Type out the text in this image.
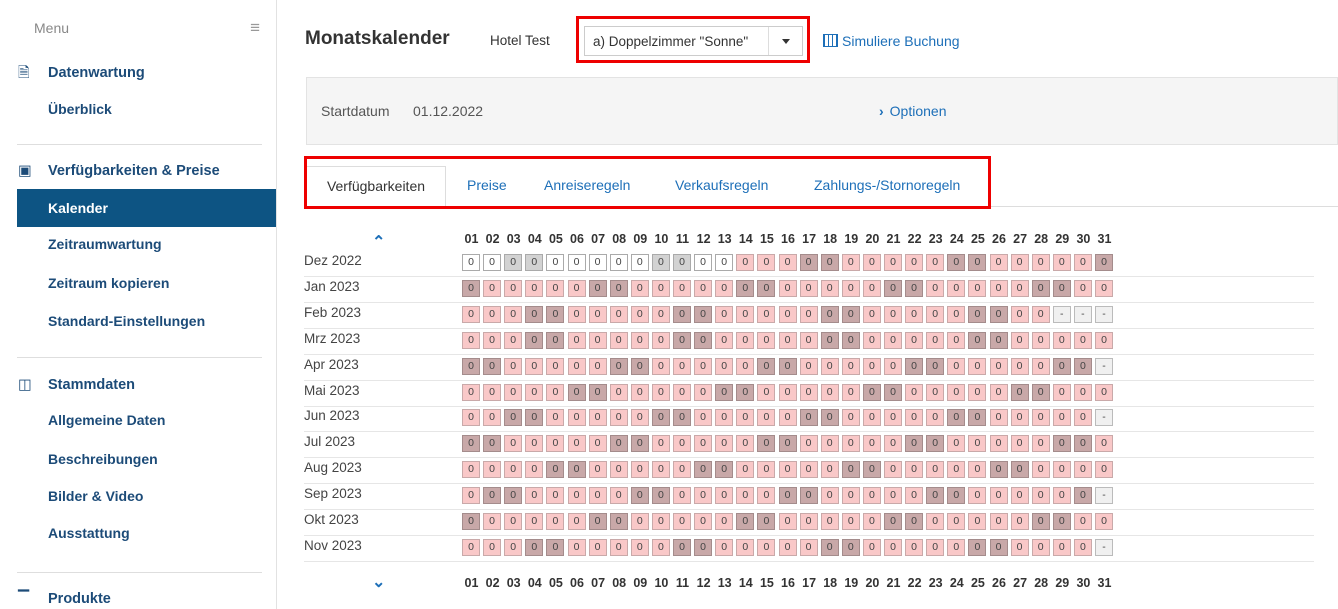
Menu	≡
🗎 Datenwartung
Überblick
▣ Verfügbarkeiten & Preise
Kalender
Zeitraumwartung
Zeitraum kopieren
Standard-Einstellungen
◫ Stammdaten
Allgemeine Daten
Beschreibungen
Bilder & Video
Ausstattung
▔ Produkte
Monatskalender	Hotel Test	a) Doppelzimmer "Sonne"	Simuliere Buchung
Startdatum 01.12.2022	› Optionen
Verfügbarkeiten	Preise	Anreiseregeln	Verkaufsregeln	Zahlungs-/Stornoregeln
⌃	01 02 03 04 05 06 07 08 09 10 11 12 13 14 15 16 17 18 19 20 21 22 23 24 25 26 27 28 29 30 31
Dez 2022	0	0	0	0	0	0	0	0	0	0	0	0	0	0	0	0	0	0	0	0	0	0	0	0	0	0	0	0	0	0	0
Jan 2023	0	0	0	0	0	0	0	0	0	0	0	0	0	0	0	0	0	0	0	0	0	0	0	0	0	0	0	0	0	0	0
Feb 2023	0	0	0	0	0	0	0	0	0	0	0	0	0	0	0	0	0	0	0	0	0	0	0	0	0	0	0	0	-	-	-
Mrz 2023	0	0	0	0	0	0	0	0	0	0	0	0	0	0	0	0	0	0	0	0	0	0	0	0	0	0	0	0	0	0	0
Apr 2023	0	0	0	0	0	0	0	0	0	0	0	0	0	0	0	0	0	0	0	0	0	0	0	0	0	0	0	0	0	0	-
Mai 2023	0	0	0	0	0	0	0	0	0	0	0	0	0	0	0	0	0	0	0	0	0	0	0	0	0	0	0	0	0	0	0
Jun 2023	0	0	0	0	0	0	0	0	0	0	0	0	0	0	0	0	0	0	0	0	0	0	0	0	0	0	0	0	0	0	-
Jul 2023	0	0	0	0	0	0	0	0	0	0	0	0	0	0	0	0	0	0	0	0	0	0	0	0	0	0	0	0	0	0	0
Aug 2023	0	0	0	0	0	0	0	0	0	0	0	0	0	0	0	0	0	0	0	0	0	0	0	0	0	0	0	0	0	0	0
Sep 2023	0	0	0	0	0	0	0	0	0	0	0	0	0	0	0	0	0	0	0	0	0	0	0	0	0	0	0	0	0	0	-
Okt 2023	0	0	0	0	0	0	0	0	0	0	0	0	0	0	0	0	0	0	0	0	0	0	0	0	0	0	0	0	0	0	0
Nov 2023	0	0	0	0	0	0	0	0	0	0	0	0	0	0	0	0	0	0	0	0	0	0	0	0	0	0	0	0	0	0	-
⌄	01 02 03 04 05 06 07 08 09 10 11 12 13 14 15 16 17 18 19 20 21 22 23 24 25 26 27 28 29 30 31
